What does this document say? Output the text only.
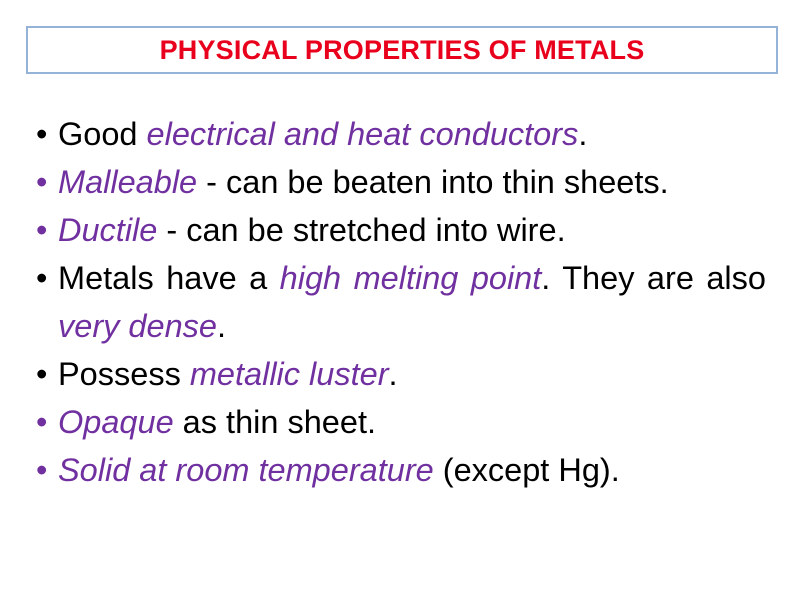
PHYSICAL PROPERTIES OF METALS
• Good electrical and heat conductors.
• Malleable - can be beaten into thin sheets.
• Ductile - can be stretched into wire.
• Metals have a high melting point. They are also very dense.
• Possess metallic luster.
• Opaque as thin sheet.
• Solid at room temperature (except Hg).
